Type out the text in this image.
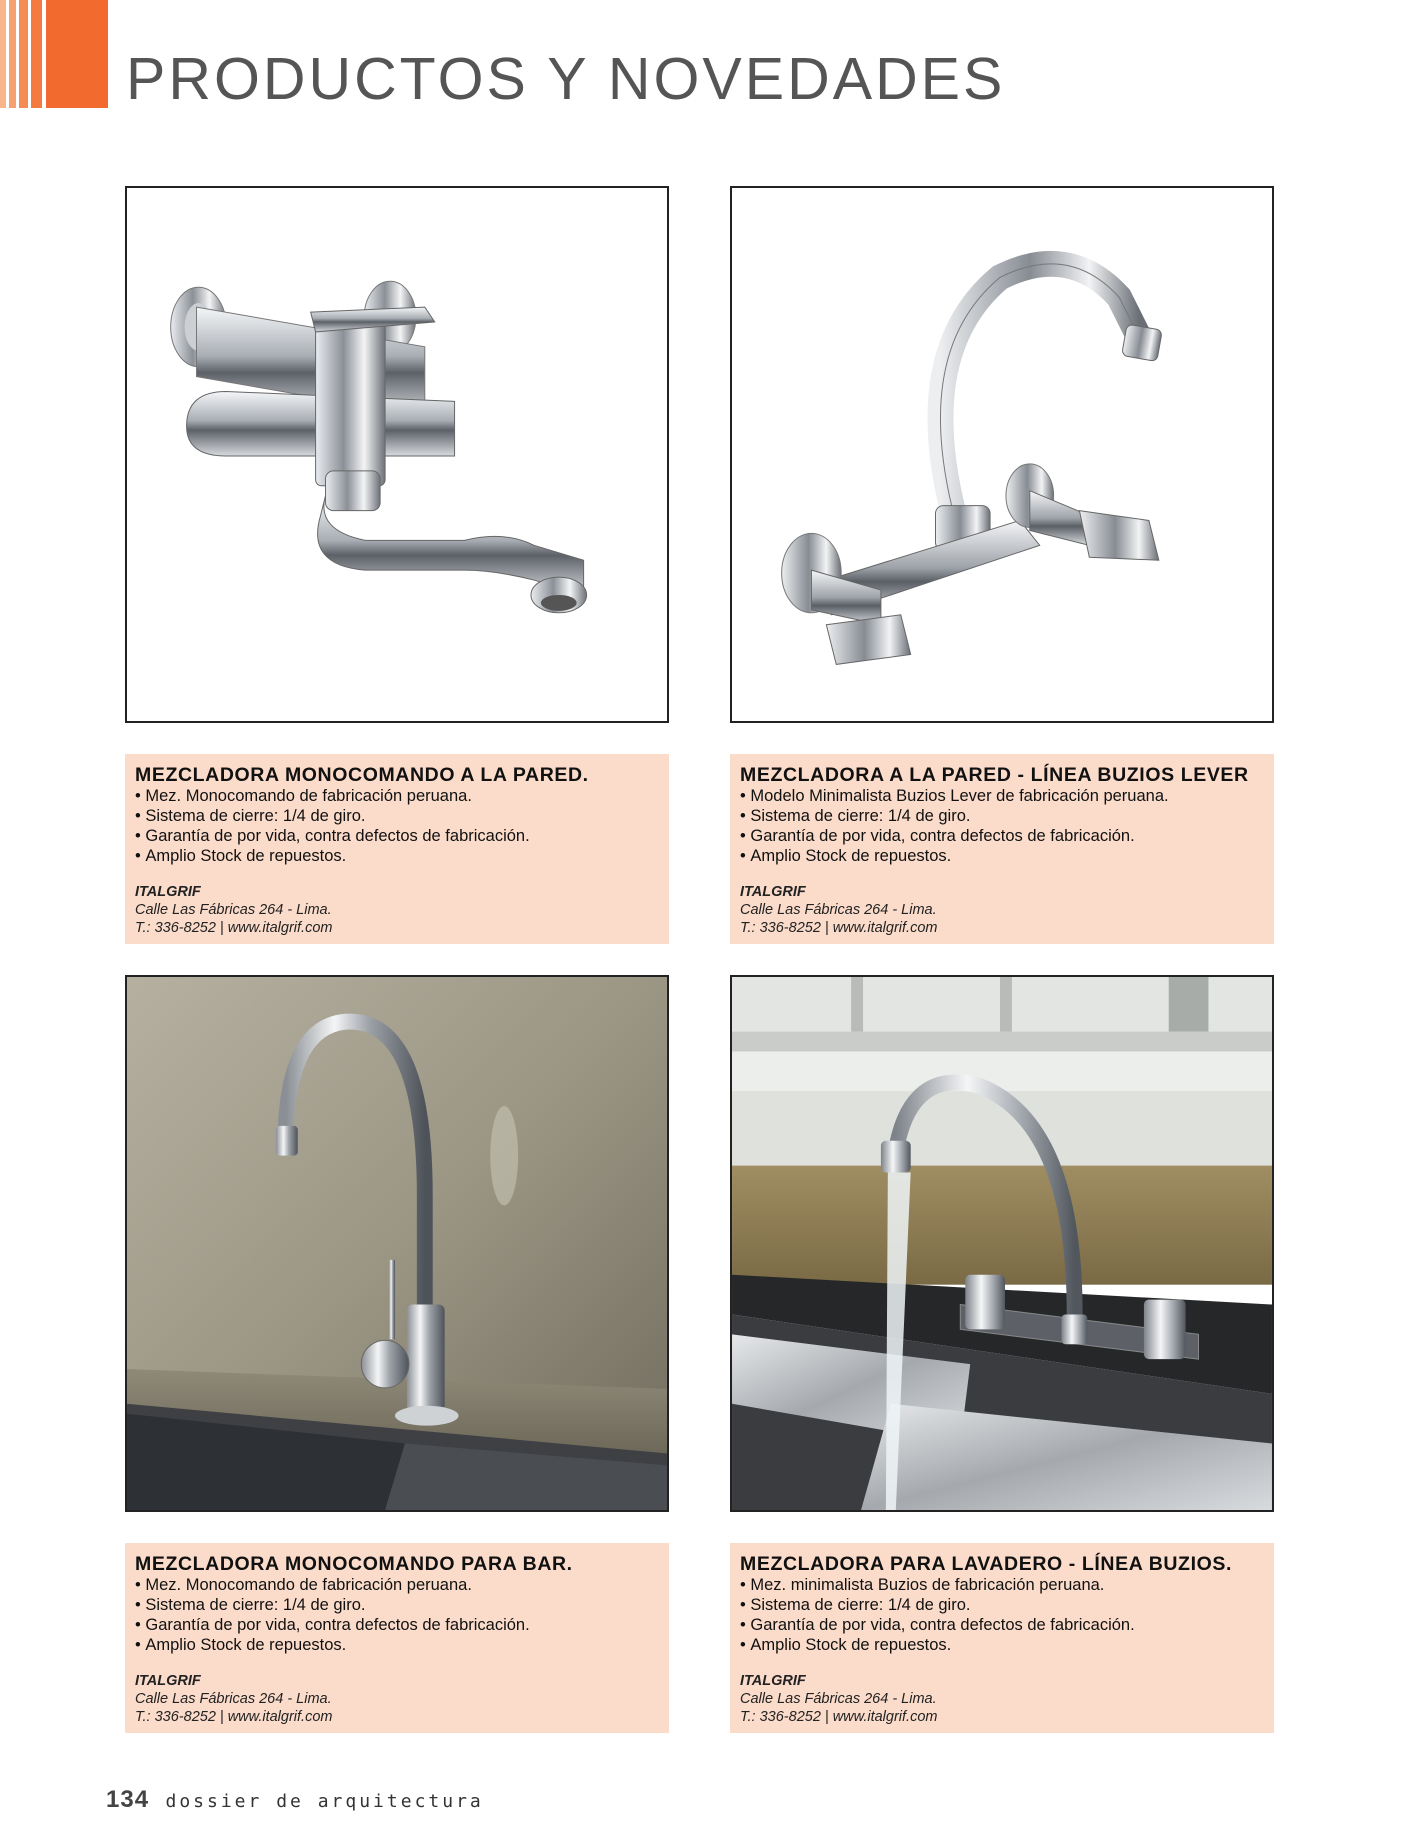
PRODUCTOS Y NOVEDADES
MEZCLADORA MONOCOMANDO A LA PARED.
• Mez. Monocomando de fabricación peruana.
• Sistema de cierre: 1/4 de giro.
• Garantía de por vida, contra defectos de fabricación.
• Amplio Stock de repuestos.
ITALGRIF
Calle Las Fábricas 264 - Lima.
T.: 336-8252 | www.italgrif.com
MEZCLADORA A LA PARED - LÍNEA BUZIOS LEVER
• Modelo Minimalista Buzios Lever de fabricación peruana.
• Sistema de cierre: 1/4 de giro.
• Garantía de por vida, contra defectos de fabricación.
• Amplio Stock de repuestos.
ITALGRIF
Calle Las Fábricas 264 - Lima.
T.: 336-8252 | www.italgrif.com
MEZCLADORA MONOCOMANDO PARA BAR.
• Mez. Monocomando de fabricación peruana.
• Sistema de cierre: 1/4 de giro.
• Garantía de por vida, contra defectos de fabricación.
• Amplio Stock de repuestos.
ITALGRIF
Calle Las Fábricas 264 - Lima.
T.: 336-8252 | www.italgrif.com
MEZCLADORA PARA LAVADERO - LÍNEA BUZIOS.
• Mez. minimalista Buzios de fabricación peruana.
• Sistema de cierre: 1/4 de giro.
• Garantía de por vida, contra defectos de fabricación.
• Amplio Stock de repuestos.
ITALGRIF
Calle Las Fábricas 264 - Lima.
T.: 336-8252 | www.italgrif.com
134 dossier de arquitectura
